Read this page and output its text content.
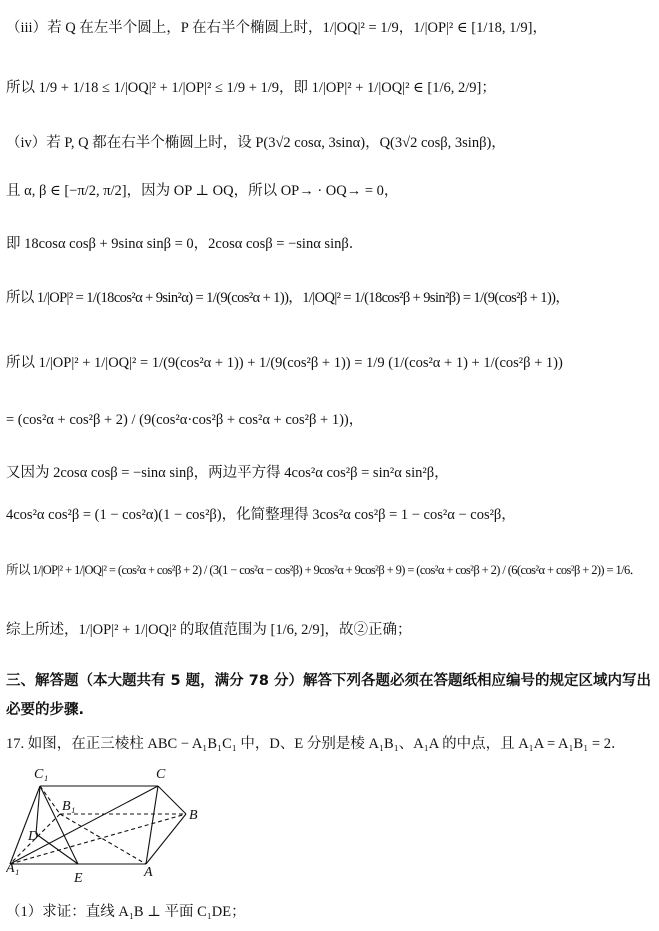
（iii）若 Q 在左半个圆上，P 在右半个椭圆上时，1/|OQ|² = 1/9，1/|OP|² ∈ [1/18, 1/9]，
所以 1/9 + 1/18 ≤ 1/|OQ|² + 1/|OP|² ≤ 1/9 + 1/9，即 1/|OP|² + 1/|OQ|² ∈ [1/6, 2/9]；
（iv）若 P, Q 都在右半个椭圆上时，设 P(3√2 cosα, 3sinα)，Q(3√2 cosβ, 3sinβ)，
且 α, β ∈ [−π/2, π/2]，因为 OP ⊥ OQ，所以 OP→ · OQ→ = 0，
即 18cosα cosβ + 9sinα sinβ = 0，2cosα cosβ = −sinα sinβ．
所以 1/|OP|² = 1/(18cos²α + 9sin²α) = 1/(9(cos²α + 1))，1/|OQ|² = 1/(18cos²β + 9sin²β) = 1/(9(cos²β + 1))，
所以 1/|OP|² + 1/|OQ|² = 1/(9(cos²α + 1)) + 1/(9(cos²β + 1)) = 1/9 (1/(cos²α + 1) + 1/(cos²β + 1))
= (cos²α + cos²β + 2) / (9(cos²α·cos²β + cos²α + cos²β + 1))，
又因为 2cosα cosβ = −sinα sinβ，两边平方得 4cos²α cos²β = sin²α sin²β，
4cos²α cos²β = (1 − cos²α)(1 − cos²β)，化简整理得 3cos²α cos²β = 1 − cos²α − cos²β，
所以 1/|OP|² + 1/|OQ|² = (cos²α + cos²β + 2) / (3(1 − cos²α − cos²β) + 9cos²α + 9cos²β + 9) = (cos²α + cos²β + 2) / (6(cos²α + cos²β + 2)) = 1/6．
综上所述，1/|OP|² + 1/|OQ|² 的取值范围为 [1/6, 2/9]，故②正确；
三、解答题（本大题共有 5 题，满分 78 分）解答下列各题必须在答题纸相应编号的规定区域内写出必要的步骤.
17. 如图，在正三棱柱 ABC − A₁B₁C₁ 中，D、E 分别是棱 A₁B₁、A₁A 的中点，且 A₁A = A₁B₁ = 2．
C₁	C
B₁
B
D
A₁
E	A
（1）求证：直线 A₁B ⊥ 平面 C₁DE；
